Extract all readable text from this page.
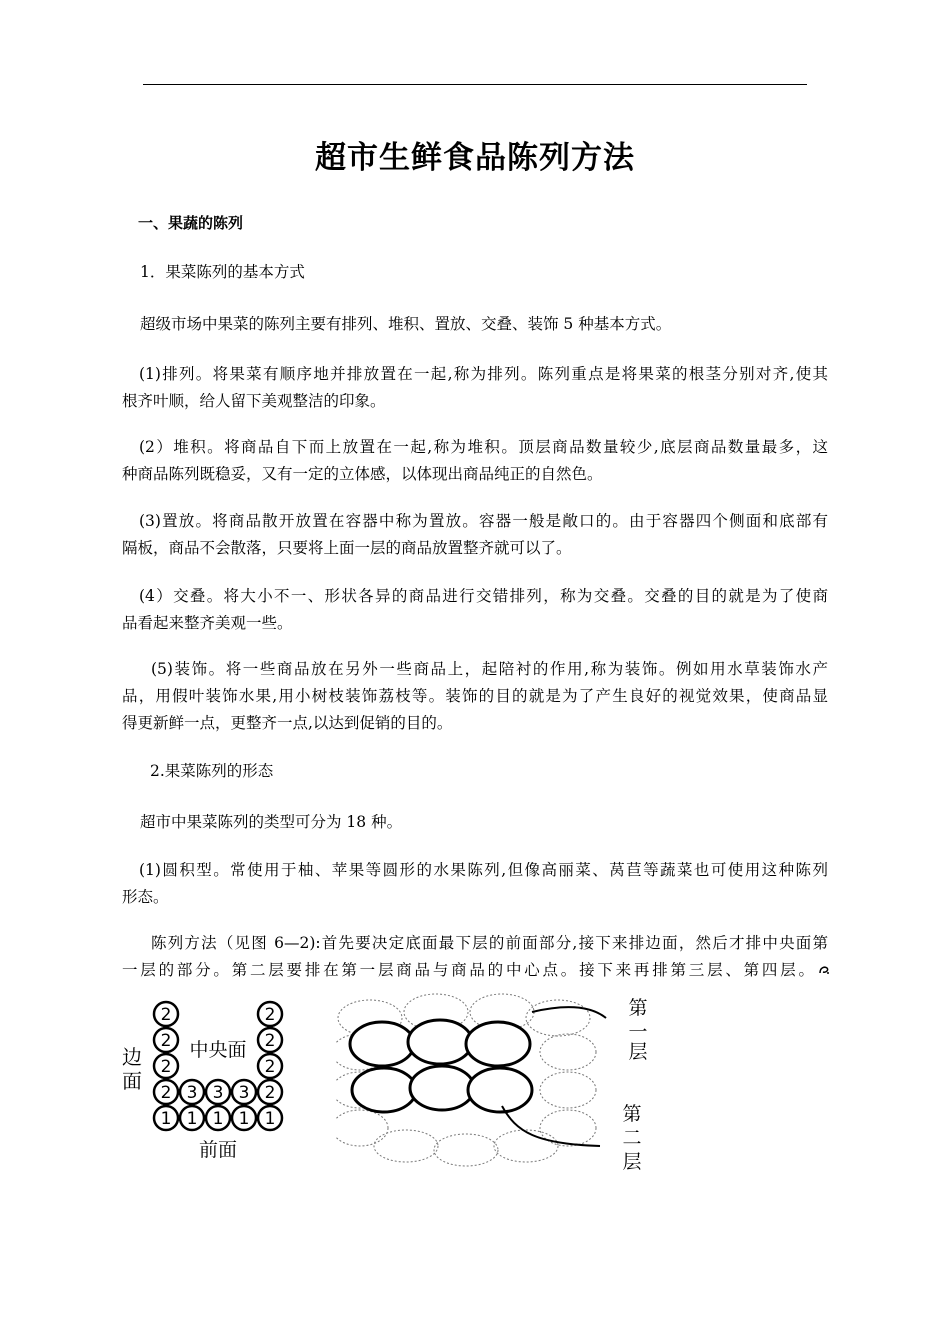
超市生鲜食品陈列方法
一、果蔬的陈列
1．果菜陈列的基本方式
超级市场中果菜的陈列主要有排列、堆积、置放、交叠、装饰 5 种基本方式。
(1)排列。将果菜有顺序地并排放置在一起,称为排列。陈列重点是将果菜的根茎分别对齐,使其
根齐叶顺，给人留下美观整洁的印象。
(2）堆积。将商品自下而上放置在一起,称为堆积。顶层商品数量较少,底层商品数量最多，这
种商品陈列既稳妥，又有一定的立体感，以体现出商品纯正的自然色。
(3)置放。将商品散开放置在容器中称为置放。容器一般是敞口的。由于容器四个侧面和底部有
隔板，商品不会散落，只要将上面一层的商品放置整齐就可以了。
(4）交叠。将大小不一、形状各异的商品进行交错排列，称为交叠。交叠的目的就是为了使商
品看起来整齐美观一些。
(5)装饰。将一些商品放在另外一些商品上，起陪衬的作用,称为装饰。例如用水草装饰水产
品，用假叶装饰水果,用小树枝装饰荔枝等。装饰的目的就是为了产生良好的视觉效果，使商品显
得更新鲜一点，更整齐一点,以达到促销的目的。
2.果菜陈列的形态
超市中果菜陈列的类型可分为 18 种。
(1)圆积型。常使用于柚、苹果等圆形的水果陈列,但像高丽菜、莴苣等蔬菜也可使用这种陈列
形态。
陈列方法（见图 6—2):首先要决定底面最下层的前面部分,接下来排边面，然后才排中央面第
一层的部分。第二层要排在第一层商品与商品的中心点。接下来再排第三层、第四层。
1 1 1 1 1
2 3 3 3 2
2
2
2
2
2
2
边
面
中央面
前面
第
一
层
第
二
层
